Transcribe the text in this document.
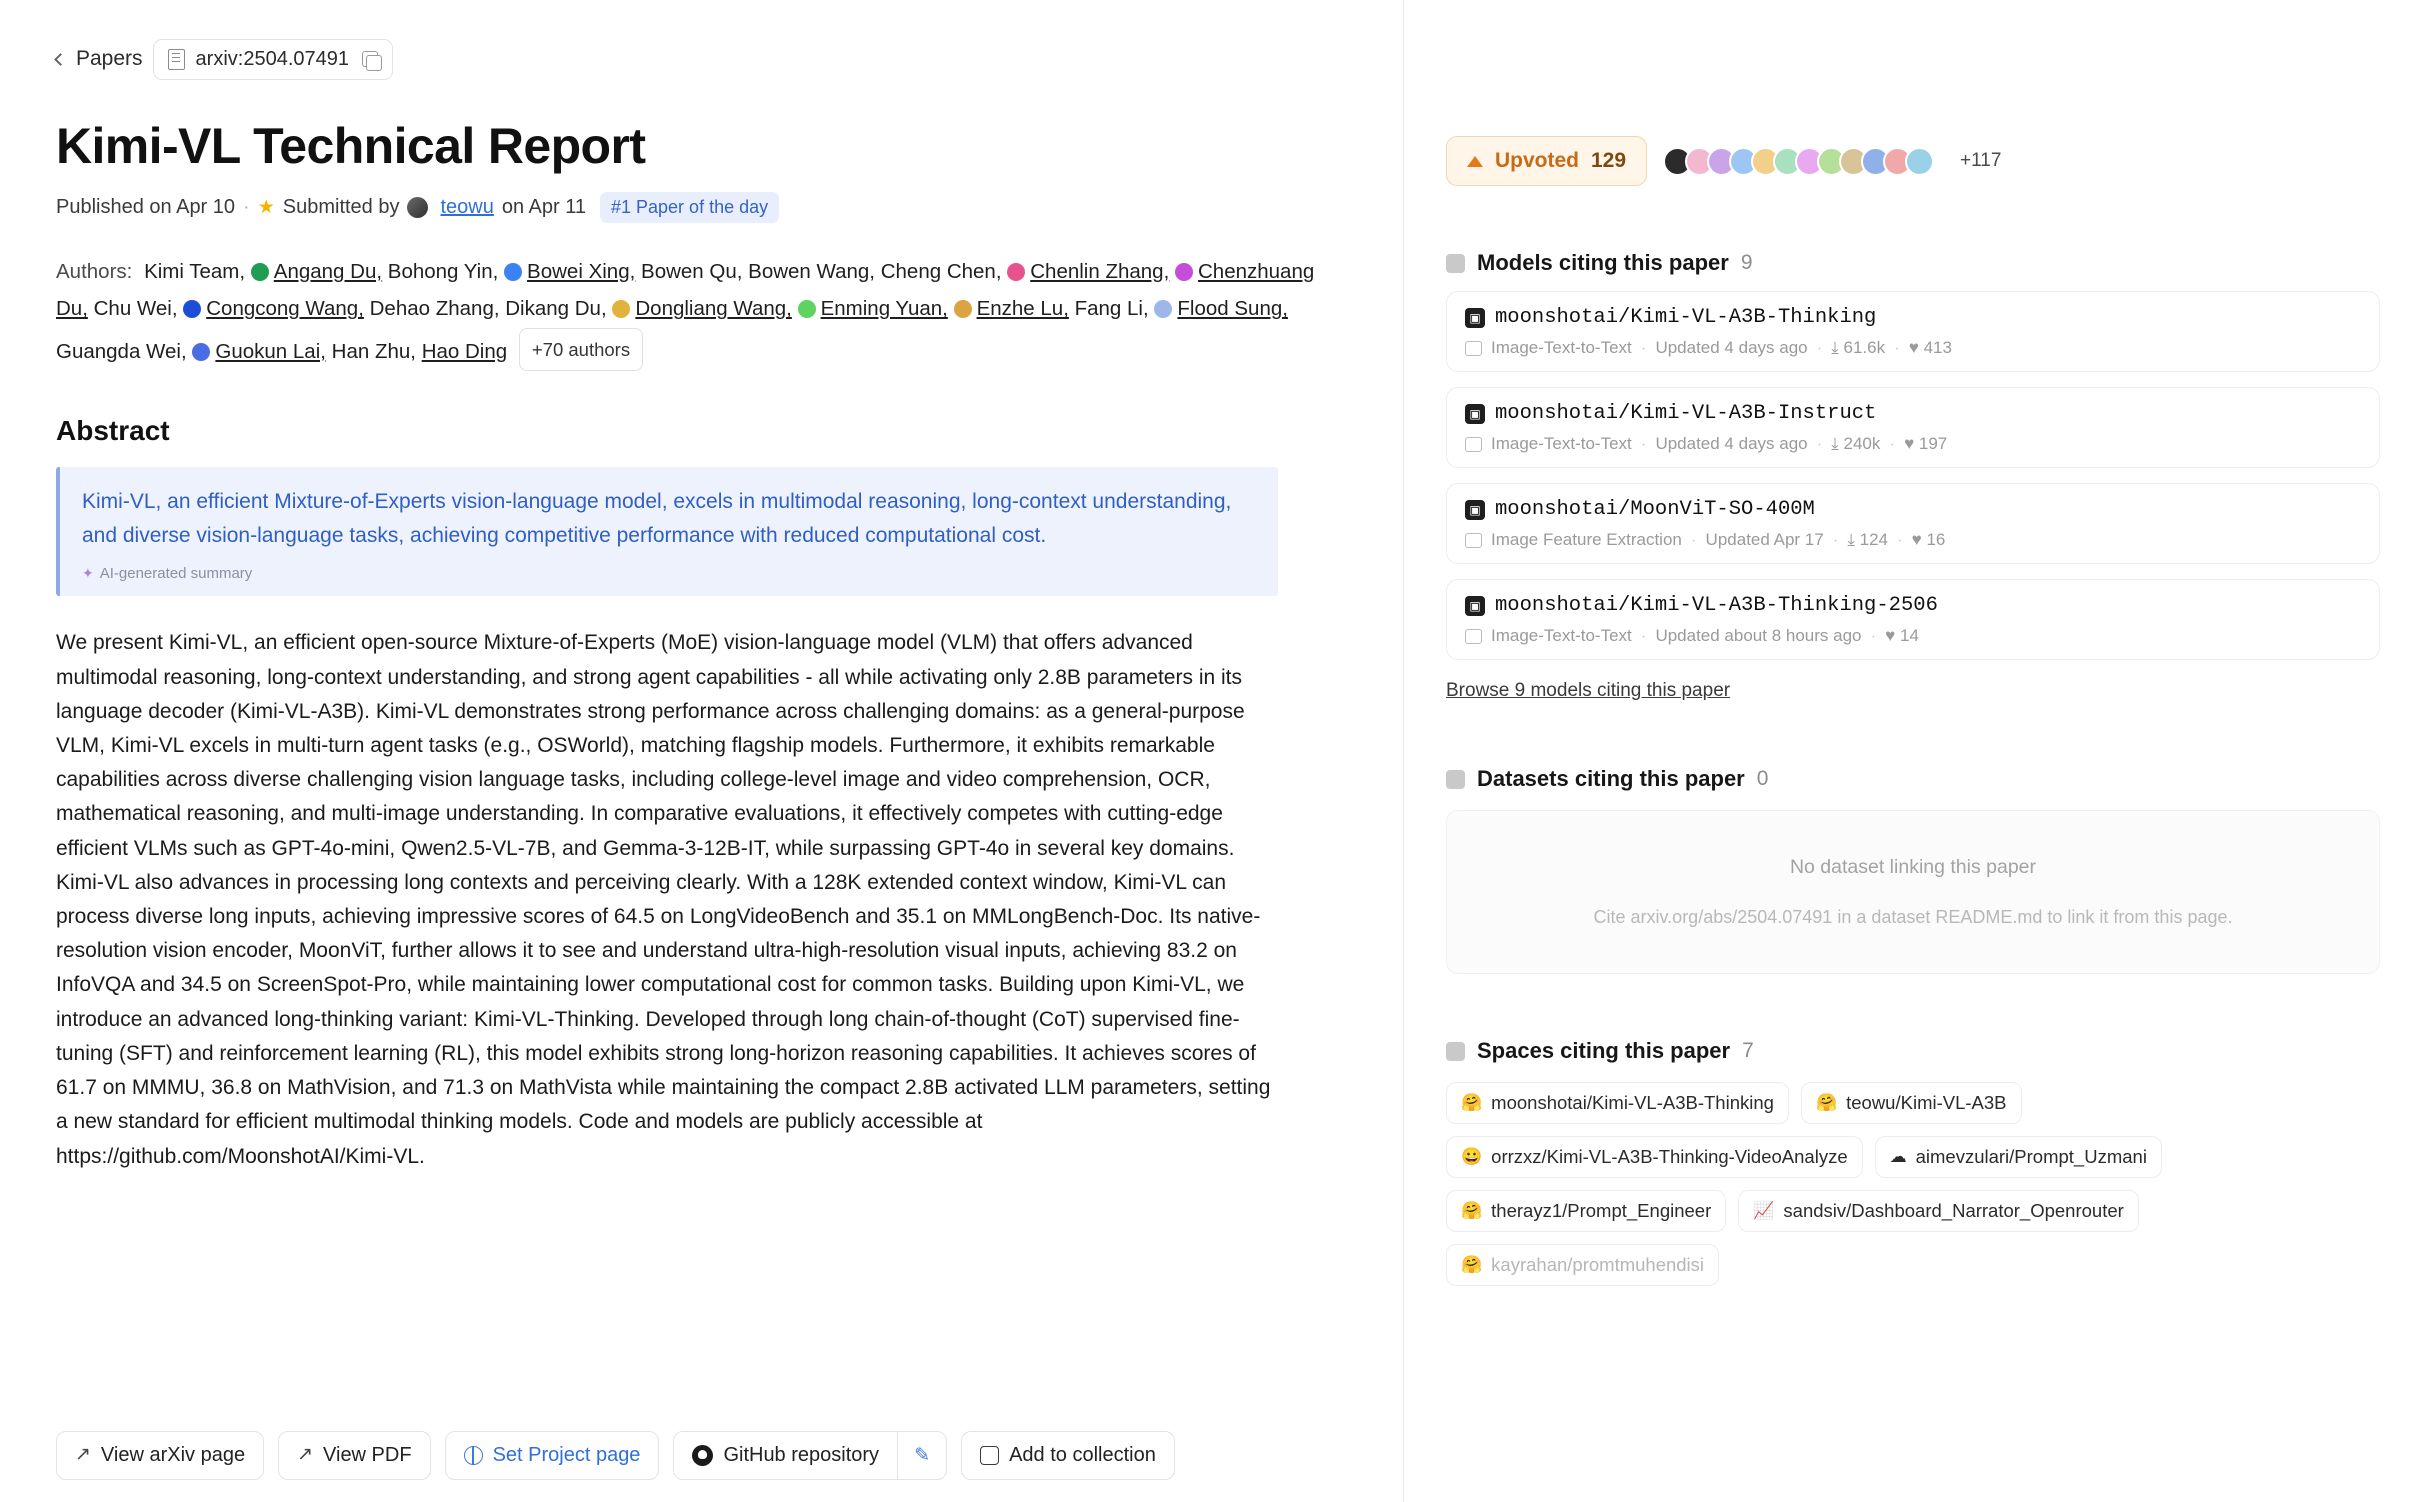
Papers	arxiv:2504.07491
Kimi-VL Technical Report
Published on Apr 10 · ★ Submitted by teowu on Apr 11	#1 Paper of the day
Authors: Kimi Team, Angang Du, Bohong Yin, Bowei Xing, Bowen Qu, Bowen Wang, Cheng Chen, Chenlin Zhang, Chenzhuang Du, Chu Wei, Congcong Wang, Dehao Zhang, Dikang Du, Dongliang Wang, Enming Yuan, Enzhe Lu, Fang Li, Flood Sung, Guangda Wei, Guokun Lai, Han Zhu, Hao Ding +70 authors
Abstract

Kimi-VL, an efficient Mixture-of-Experts vision-language model, excels in multimodal reasoning, long-context understanding, and diverse vision-language tasks, achieving competitive performance with reduced computational cost.

✦ AI-generated summary
We present Kimi-VL, an efficient open-source Mixture-of-Experts (MoE) vision-language model (VLM) that offers advanced multimodal reasoning, long-context understanding, and strong agent capabilities - all while activating only 2.8B parameters in its language decoder (Kimi-VL-A3B). Kimi-VL demonstrates strong performance across challenging domains: as a general-purpose VLM, Kimi-VL excels in multi-turn agent tasks (e.g., OSWorld), matching flagship models. Furthermore, it exhibits remarkable capabilities across diverse challenging vision language tasks, including college-level image and video comprehension, OCR, mathematical reasoning, and multi-image understanding. In comparative evaluations, it effectively competes with cutting-edge efficient VLMs such as GPT-4o-mini, Qwen2.5-VL-7B, and Gemma-3-12B-IT, while surpassing GPT-4o in several key domains. Kimi-VL also advances in processing long contexts and perceiving clearly. With a 128K extended context window, Kimi-VL can process diverse long inputs, achieving impressive scores of 64.5 on LongVideoBench and 35.1 on MMLongBench-Doc. Its native-resolution vision encoder, MoonViT, further allows it to see and understand ultra-high-resolution visual inputs, achieving 83.2 on InfoVQA and 34.5 on ScreenSpot-Pro, while maintaining lower computational cost for common tasks. Building upon Kimi-VL, we introduce an advanced long-thinking variant: Kimi-VL-Thinking. Developed through long chain-of-thought (CoT) supervised fine-tuning (SFT) and reinforcement learning (RL), this model exhibits strong long-horizon reasoning capabilities. It achieves scores of 61.7 on MMMU, 36.8 on MathVision, and 71.3 on MathVista while maintaining the compact 2.8B activated LLM parameters, setting a new standard for efficient multimodal thinking models. Code and models are publicly accessible at https://github.com/MoonshotAI/Kimi-VL.
↗ View arXiv page	↗ View PDF	Set Project page	GitHub repository	✎	Add to collection
Upvoted 129	+117
Models citing this paper 9
▣ moonshotai/Kimi-VL-A3B-Thinking
Image-Text-to-Text · Updated 4 days ago · ⤓ 61.6k · ♥ 413
▣ moonshotai/Kimi-VL-A3B-Instruct
Image-Text-to-Text · Updated 4 days ago · ⤓ 240k · ♥ 197
▣ moonshotai/MoonViT-SO-400M
Image Feature Extraction · Updated Apr 17 · ⤓ 124 · ♥ 16
▣ moonshotai/Kimi-VL-A3B-Thinking-2506
Image-Text-to-Text · Updated about 8 hours ago · ♥ 14
Browse 9 models citing this paper
Datasets citing this paper 0
No dataset linking this paper
Cite arxiv.org/abs/2504.07491 in a dataset README.md to link it from this page.
Spaces citing this paper 7
🤗 moonshotai/Kimi-VL-A3B-Thinking 🤗 teowu/Kimi-VL-A3B
😀 orrzxz/Kimi-VL-A3B-Thinking-VideoAnalyze ☁ aimevzulari/Prompt_Uzmani
🤗 therayz1/Prompt_Engineer 📈 sandsiv/Dashboard_Narrator_Openrouter
🤗 kayrahan/promtmuhendisi
